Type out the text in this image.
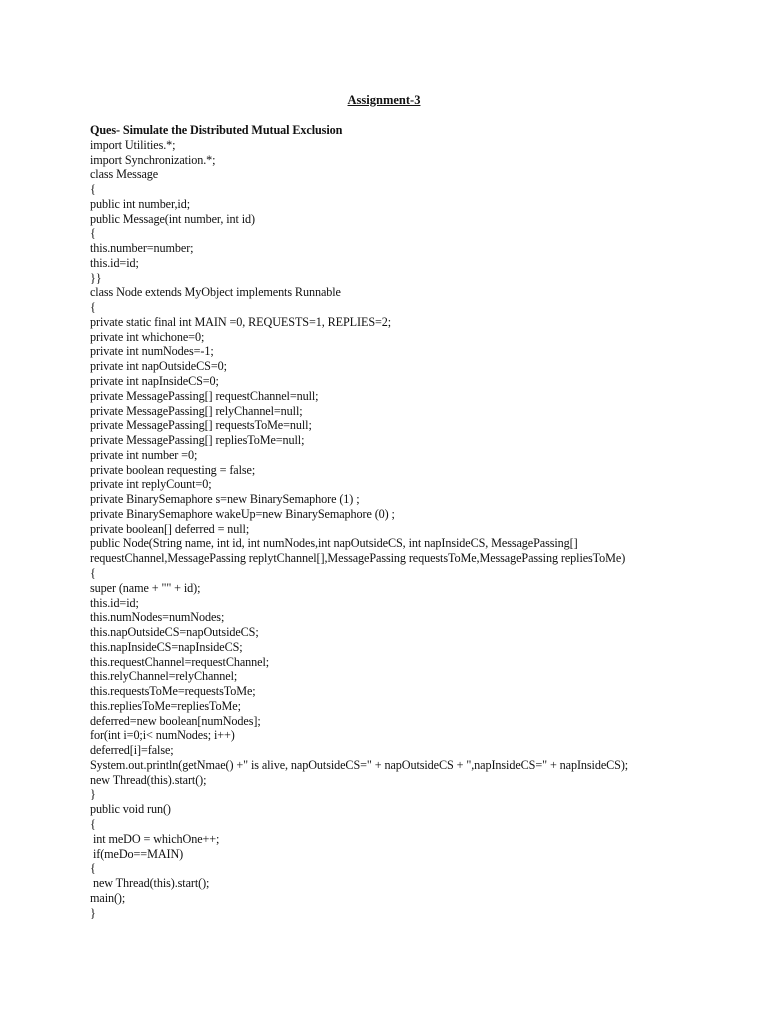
Assignment-3
Ques- Simulate the Distributed Mutual Exclusion
import Utilities.*;
import Synchronization.*;
class Message
{
public int number,id;
public Message(int number, int id)
{
this.number=number;
this.id=id;
}}
class Node extends MyObject implements Runnable
{
private static final int MAIN =0, REQUESTS=1, REPLIES=2;
private int whichone=0;
private int numNodes=-1;
private int napOutsideCS=0;
private int napInsideCS=0;
private MessagePassing[] requestChannel=null;
private MessagePassing[] relyChannel=null;
private MessagePassing[] requestsToMe=null;
private MessagePassing[] repliesToMe=null;
private int number =0;
private boolean requesting = false;
private int replyCount=0;
private BinarySemaphore s=new BinarySemaphore (1) ;
private BinarySemaphore wakeUp=new BinarySemaphore (0) ;
private boolean[] deferred = null;
public Node(String name, int id, int numNodes,int napOutsideCS, int napInsideCS, MessagePassing[]
requestChannel,MessagePassing replytChannel[],MessagePassing requestsToMe,MessagePassing repliesToMe)
{
super (name + "" + id);
this.id=id;
this.numNodes=numNodes;
this.napOutsideCS=napOutsideCS;
this.napInsideCS=napInsideCS;
this.requestChannel=requestChannel;
this.relyChannel=relyChannel;
this.requestsToMe=requestsToMe;
this.repliesToMe=repliesToMe;
deferred=new boolean[numNodes];
for(int i=0;i< numNodes; i++)
deferred[i]=false;
System.out.println(getNmae() +" is alive, napOutsideCS=" + napOutsideCS + ",napInsideCS=" + napInsideCS);
new Thread(this).start();
}
public void run()
{
int meDO = whichOne++;
if(meDo==MAIN)
{
new Thread(this).start();
main();
}
